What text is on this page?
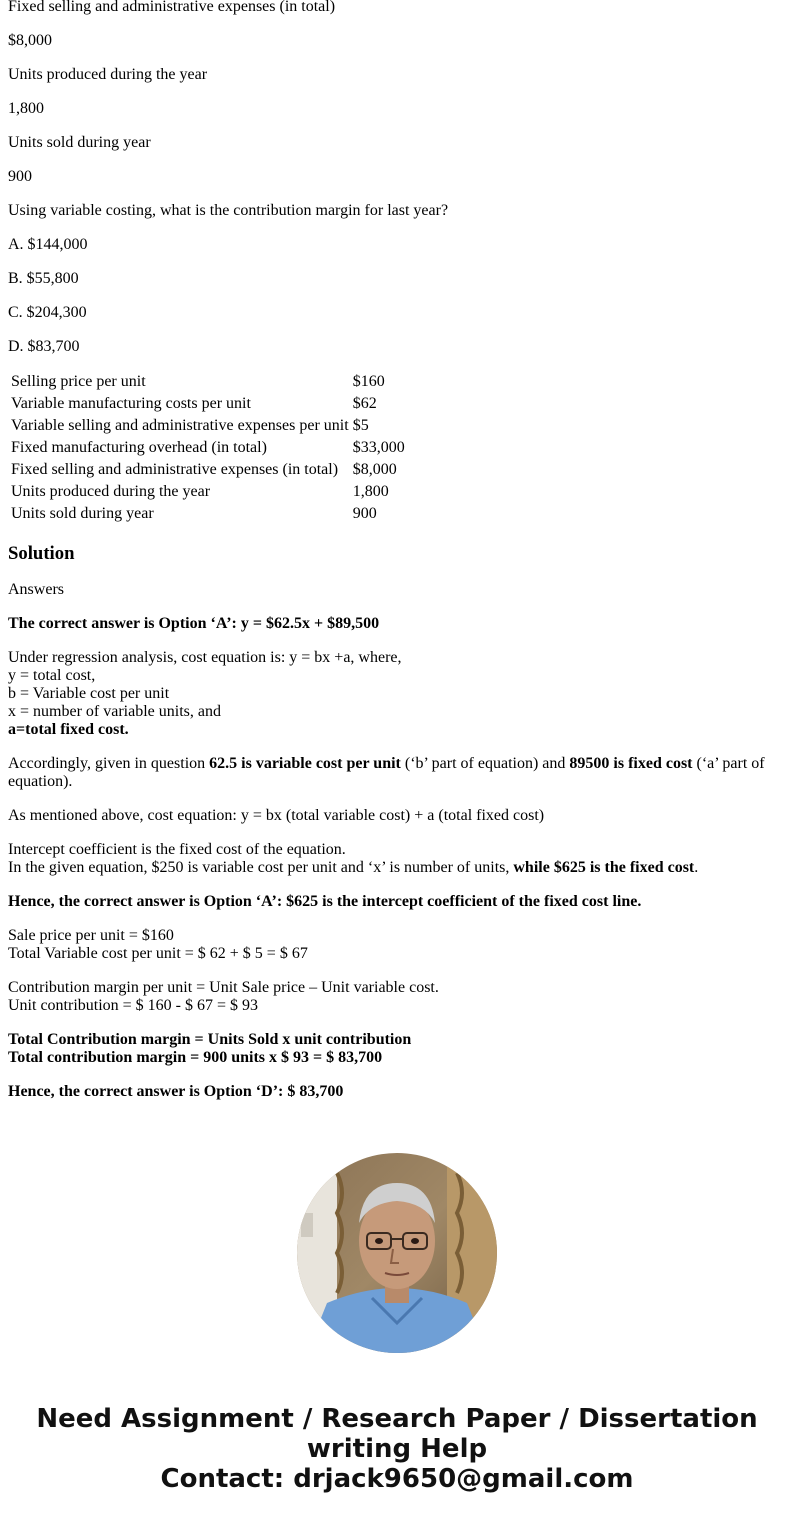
Fixed selling and administrative expenses (in total)

$8,000

Units produced during the year

1,800

Units sold during year

900

Using variable costing, what is the contribution margin for last year?

A. $144,000

B. $55,800

C. $204,300

D. $83,700

Selling price per unit	$160
Variable manufacturing costs per unit	$62
Variable selling and administrative expenses per unit	$5
Fixed manufacturing overhead (in total)	$33,000
Fixed selling and administrative expenses (in total)	$8,000
Units produced during the year	1,800
Units sold during year	900
Solution

Answers

The correct answer is Option ‘A’: y = $62.5x + $89,500

Under regression analysis, cost equation is: y = bx +a, where,
y = total cost,
b = Variable cost per unit
x = number of variable units, and
a=total fixed cost.

Accordingly, given in question 62.5 is variable cost per unit (‘b’ part of equation) and 89500 is fixed cost (‘a’ part of equation).

As mentioned above, cost equation: y = bx (total variable cost) + a (total fixed cost)

Intercept coefficient is the fixed cost of the equation.
In the given equation, $250 is variable cost per unit and ‘x’ is number of units, while $625 is the fixed cost.

Hence, the correct answer is Option ‘A’: $625 is the intercept coefficient of the fixed cost line.

Sale price per unit = $160
Total Variable cost per unit = $ 62 + $ 5 = $ 67
Contribution margin per unit = Unit Sale price – Unit variable cost.
Unit contribution = $ 160 - $ 67 = $ 93
Total Contribution margin = Units Sold x unit contribution
Total contribution margin = 900 units x $ 93 = $ 83,700

Hence, the correct answer is Option ‘D’: $ 83,700

Need Assignment / Research Paper / Dissertation
writing Help
Contact: drjack9650@gmail.com
